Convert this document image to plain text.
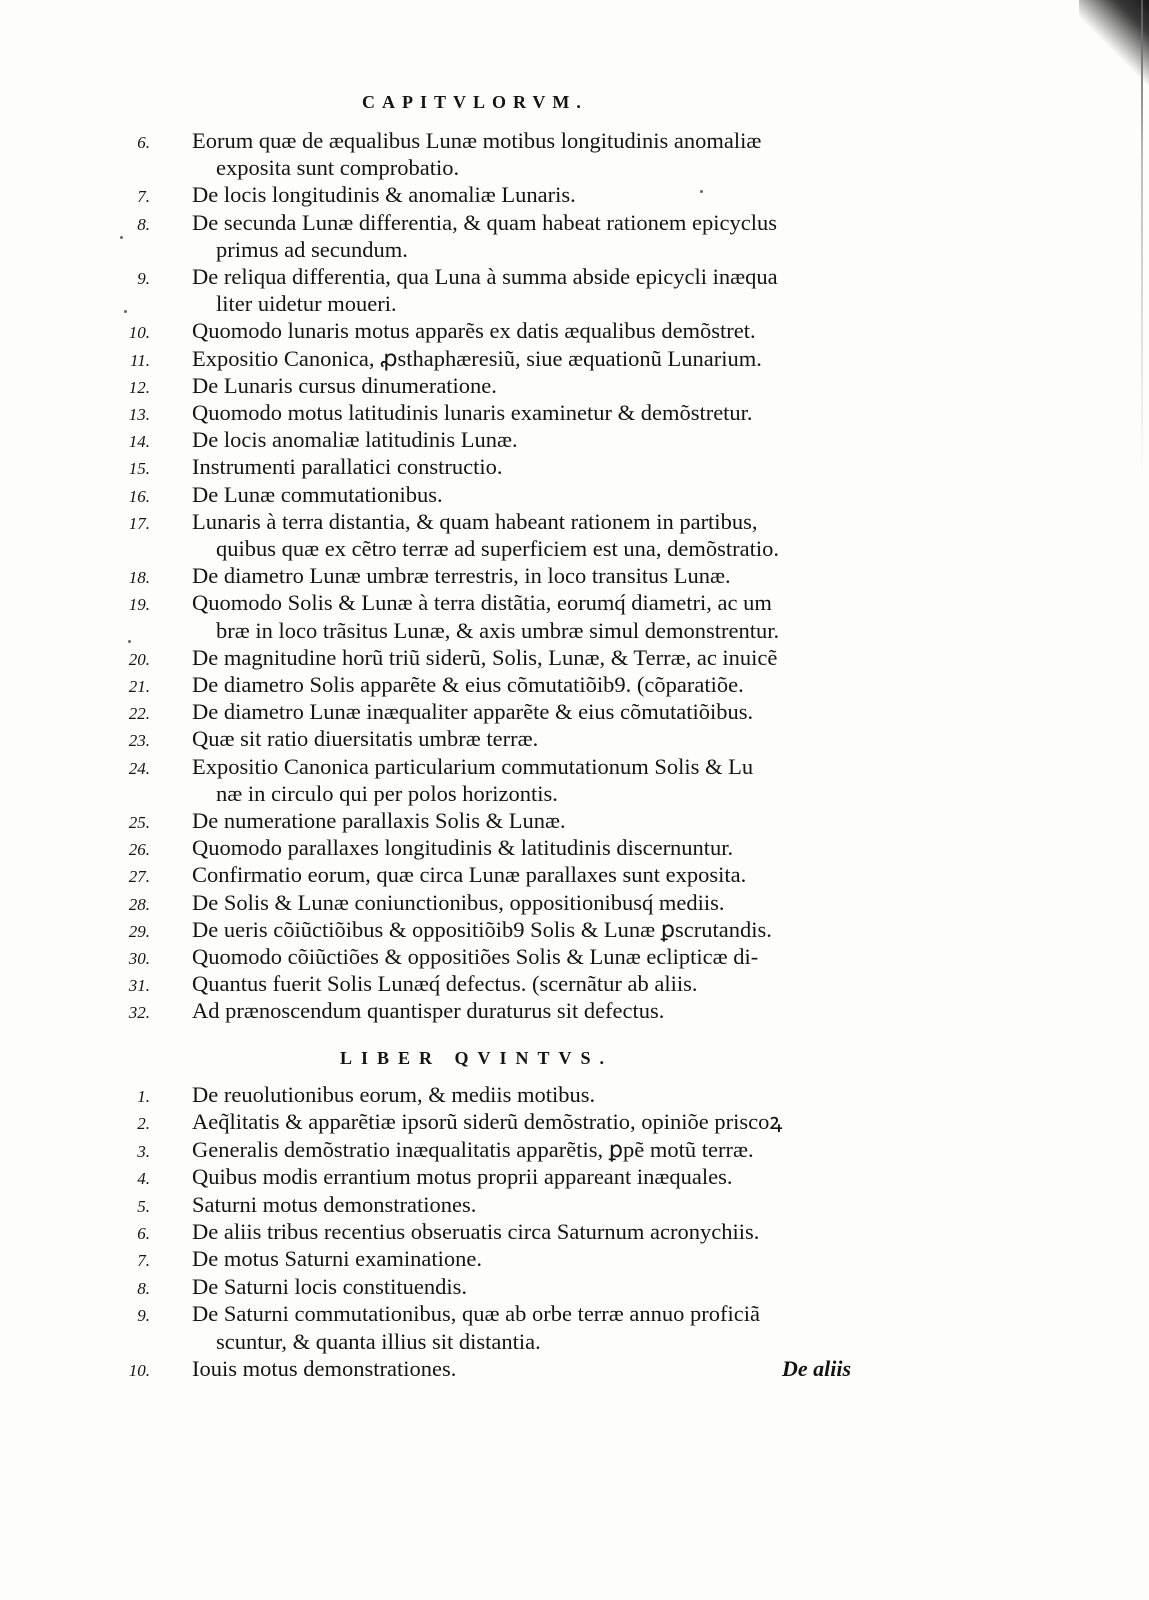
CAPITVLORVM.
6. Eorum quæ de æqualibus Lunæ motibus longitudinis anomaliæ
exposita sunt comprobatio.
7. De locis longitudinis & anomaliæ Lunaris.
8. De secunda Lunæ differentia, & quam habeat rationem epicyclus
primus ad secundum.
9. De reliqua differentia, qua Luna à summa abside epicycli inæqua
liter uidetur moueri.
10. Quomodo lunaris motus apparẽs ex datis æqualibus demõstret.
11. Expositio Canonica, ꝓsthaphæresiũ, siue æquationũ Lunarium.
12. De Lunaris cursus dinumeratione.
13. Quomodo motus latitudinis lunaris examinetur & demõstretur.
14. De locis anomaliæ latitudinis Lunæ.
15. Instrumenti parallatici constructio.
16. De Lunæ commutationibus.
17. Lunaris à terra distantia, & quam habeant rationem in partibus,
quibus quæ ex cẽtro terræ ad superficiem est una, demõstratio.
18. De diametro Lunæ umbræ terrestris, in loco transitus Lunæ.
19. Quomodo Solis & Lunæ à terra distãtia, eorumq́ diametri, ac um
bræ in loco trãsitus Lunæ, & axis umbræ simul demonstrentur.
20. De magnitudine horũ triũ siderũ, Solis, Lunæ, & Terræ, ac inuicẽ
21. De diametro Solis apparẽte & eius cõmutatiõib9. (cõparatiõe.
22. De diametro Lunæ inæqualiter apparẽte & eius cõmutatiõibus.
23. Quæ sit ratio diuersitatis umbræ terræ.
24. Expositio Canonica particularium commutationum Solis & Lu
næ in circulo qui per polos horizontis.
25. De numeratione parallaxis Solis & Lunæ.
26. Quomodo parallaxes longitudinis & latitudinis discernuntur.
27. Confirmatio eorum, quæ circa Lunæ parallaxes sunt exposita.
28. De Solis & Lunæ coniunctionibus, oppositionibusq́ mediis.
29. De ueris cõiũctiõibus & oppositiõib9 Solis & Lunæ ꝑscrutandis.
30. Quomodo cõiũctiões & oppositiões Solis & Lunæ eclipticæ di-
31. Quantus fuerit Solis Lunæq́ defectus. (scernãtur ab aliis.
32. Ad prænoscendum quantisper duraturus sit defectus.
LIBER QVINTVS.
1. De reuolutionibus eorum, & mediis motibus.
2. Aeq̃litatis & apparẽtiæ ipsorũ siderũ demõstratio, opiniõe priscoꝝ
3. Generalis demõstratio inæqualitatis apparẽtis, ꝑpẽ motũ terræ.
4. Quibus modis errantium motus proprii appareant inæquales.
5. Saturni motus demonstrationes.
6. De aliis tribus recentius obseruatis circa Saturnum acronychiis.
7. De motus Saturni examinatione.
8. De Saturni locis constituendis.
9. De Saturni commutationibus, quæ ab orbe terræ annuo proficiã
scuntur, & quanta illius sit distantia.
10. Iouis motus demonstrationes.	De aliis
